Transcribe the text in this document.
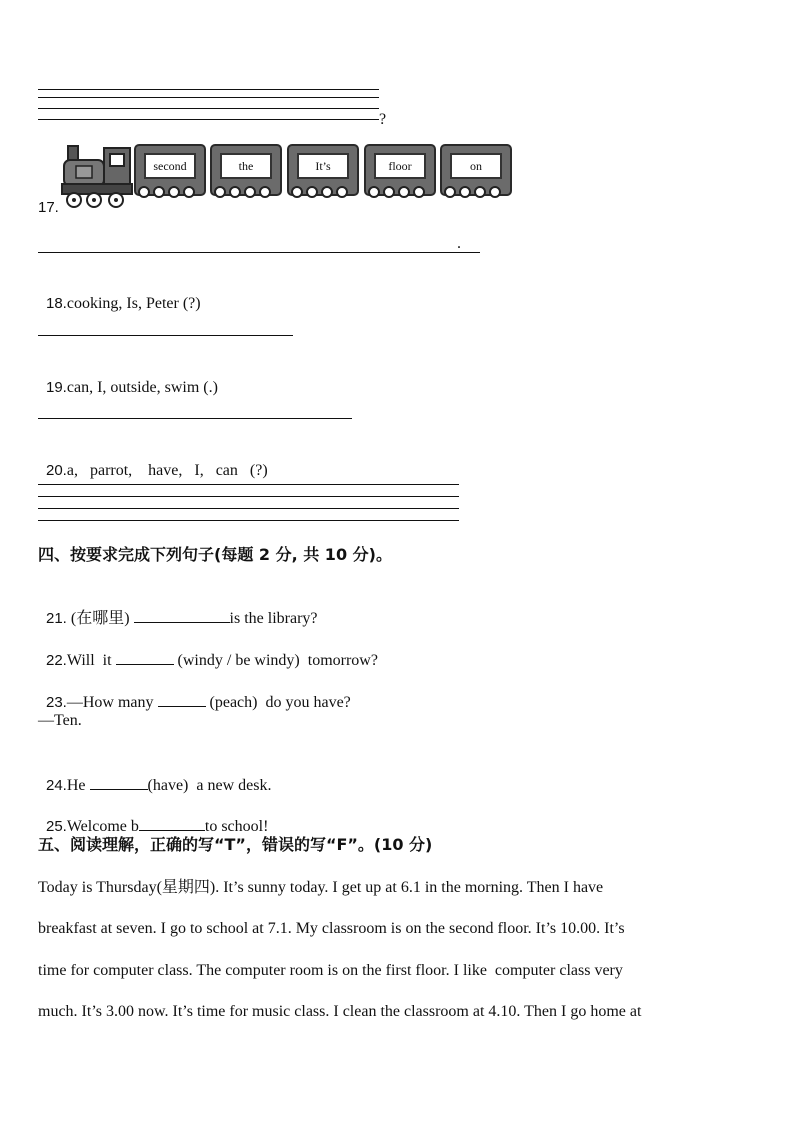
?
17.
second	the	It’s	floor	on
.

18.cooking, Is, Peter (?)

19.can, I, outside, swim (.)

20.a,   parrot,    have,   I,   can   (?)

四、按要求完成下列句子(每题 2 分, 共 10 分)。

21. (在哪里)	is the library?

22.Will  it	(windy / be windy)  tomorrow?

23.—How many	(peach)  do you have?

—Ten.

24.He	(have)  a new desk.

25.Welcome b	to school!

五、阅读理解，正确的写“T”，错误的写“F”。(10 分)
Today is Thursday(星期四). It’s sunny today. I get up at 6.1 in the morning. Then I have
breakfast at seven. I go to school at 7.1. My classroom is on the second floor. It’s 10.00. It’s
time for computer class. The computer room is on the first floor. I like  computer class very
much. It’s 3.00 now. It’s time for music class. I clean the classroom at 4.10. Then I go home at
